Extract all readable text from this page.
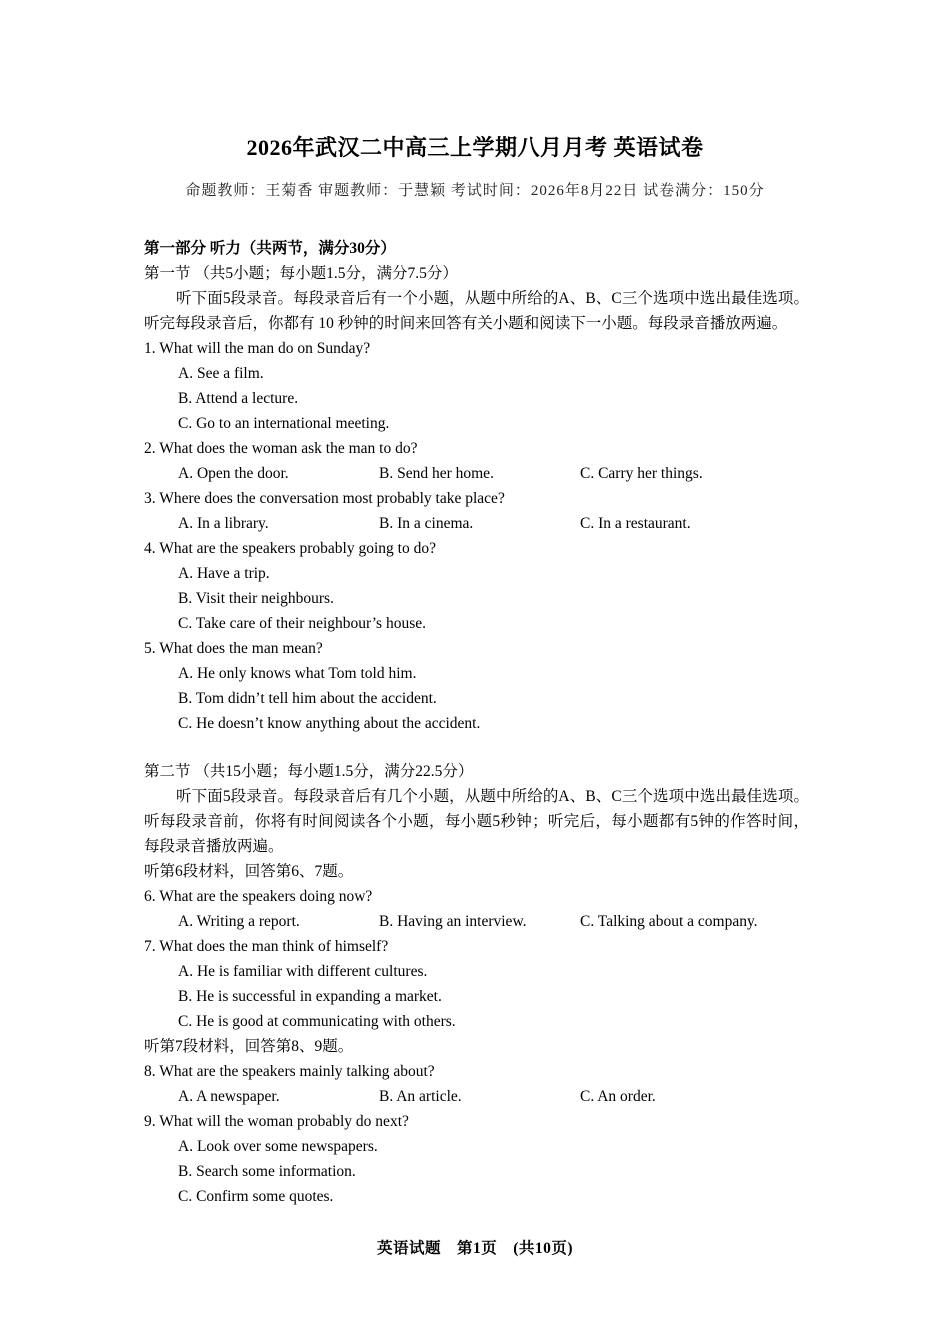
2026年武汉二中高三上学期八月月考 英语试卷
命题教师：王菊香 审题教师：于慧颖 考试时间：2026年8月22日 试卷满分：150分
第一部分 听力（共两节，满分30分）
第一节 （共5小题；每小题1.5分，满分7.5分）
听下面5段录音。每段录音后有一个小题，从题中所给的A、B、C三个选项中选出最佳选项。听完每段录音后，你都有 10 秒钟的时间来回答有关小题和阅读下一小题。每段录音播放两遍。
1. What will the man do on Sunday?
A. See a film.
B. Attend a lecture.
C. Go to an international meeting.
2. What does the woman ask the man to do?
A. Open the door.	B. Send her home.	C. Carry her things.
3. Where does the conversation most probably take place?
A. In a library.	B. In a cinema.	C. In a restaurant.
4. What are the speakers probably going to do?
A. Have a trip.
B. Visit their neighbours.
C. Take care of their neighbour’s house.
5. What does the man mean?
A. He only knows what Tom told him.
B. Tom didn’t tell him about the accident.
C. He doesn’t know anything about the accident.
第二节 （共15小题；每小题1.5分，满分22.5分）
听下面5段录音。每段录音后有几个小题，从题中所给的A、B、C三个选项中选出最佳选项。听每段录音前，你将有时间阅读各个小题，每小题5秒钟；听完后，每小题都有5钟的作答时间，每段录音播放两遍。
听第6段材料，回答第6、7题。
6. What are the speakers doing now?
A. Writing a report.	B. Having an interview.	C. Talking about a company.
7. What does the man think of himself?
A. He is familiar with different cultures.
B. He is successful in expanding a market.
C. He is good at communicating with others.
听第7段材料，回答第8、9题。
8. What are the speakers mainly talking about?
A. A newspaper.	B. An article.	C. An order.
9. What will the woman probably do next?
A. Look over some newspapers.
B. Search some information.
C. Confirm some quotes.
英语试题　第1页　(共10页)
